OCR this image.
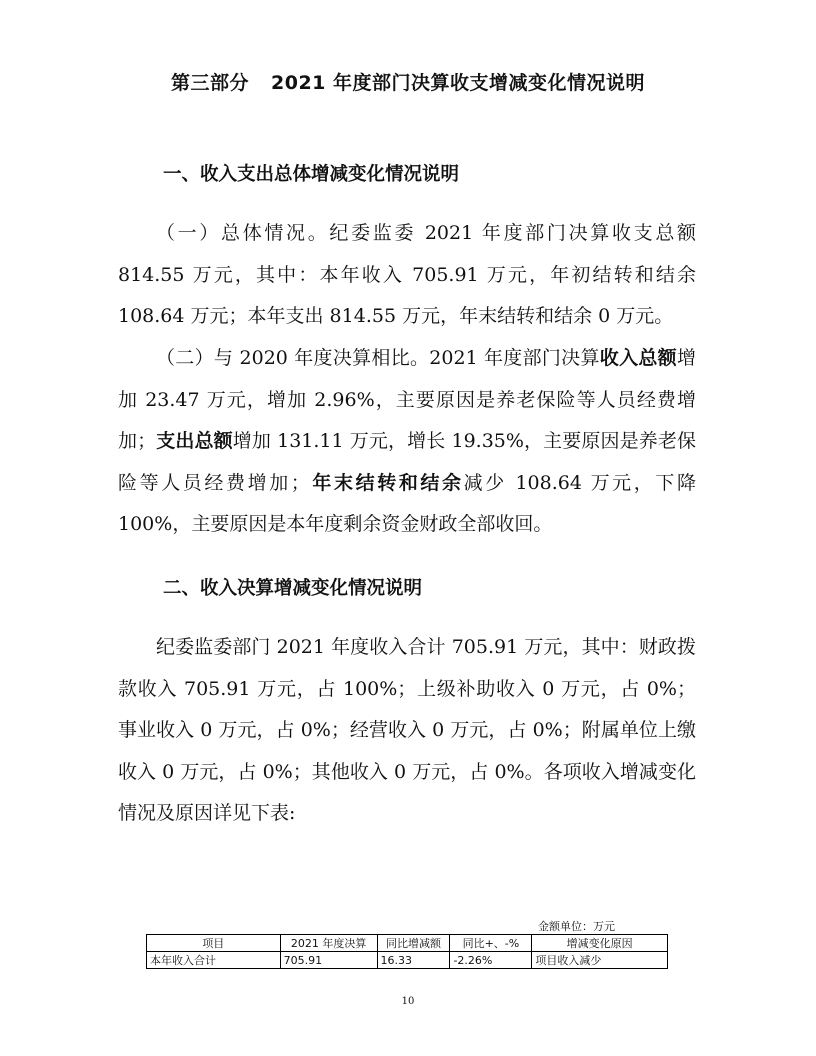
第三部分 2021 年度部门决算收支增减变化情况说明
一、收入支出总体增减变化情况说明

（一）总体情况。纪委监委 2021 年度部门决算收支总额 814.55 万元，其中：本年收入 705.91 万元，年初结转和结余 108.64 万元；本年支出 814.55 万元，年末结转和结余 0 万元。

（二）与 2020 年度决算相比。2021 年度部门决算收入总额增加 23.47 万元，增加 2.96%，主要原因是养老保险等人员经费增加；支出总额增加 131.11 万元，增长 19.35%，主要原因是养老保险等人员经费增加；年末结转和结余减少 108.64 万元，下降 100%，主要原因是本年度剩余资金财政全部收回。

二、收入决算增减变化情况说明

纪委监委部门 2021 年度收入合计 705.91 万元，其中：财政拨款收入 705.91 万元，占 100%；上级补助收入 0 万元，占 0%；事业收入 0 万元，占 0%；经营收入 0 万元，占 0%；附属单位上缴收入 0 万元，占 0%；其他收入 0 万元，占 0%。各项收入增减变化情况及原因详见下表:

金额单位：万元
项目	2021 年度决算	同比增减额	同比+、-%	增减变化原因
本年收入合计	705.91	16.33	-2.26%	项目收入减少
10
